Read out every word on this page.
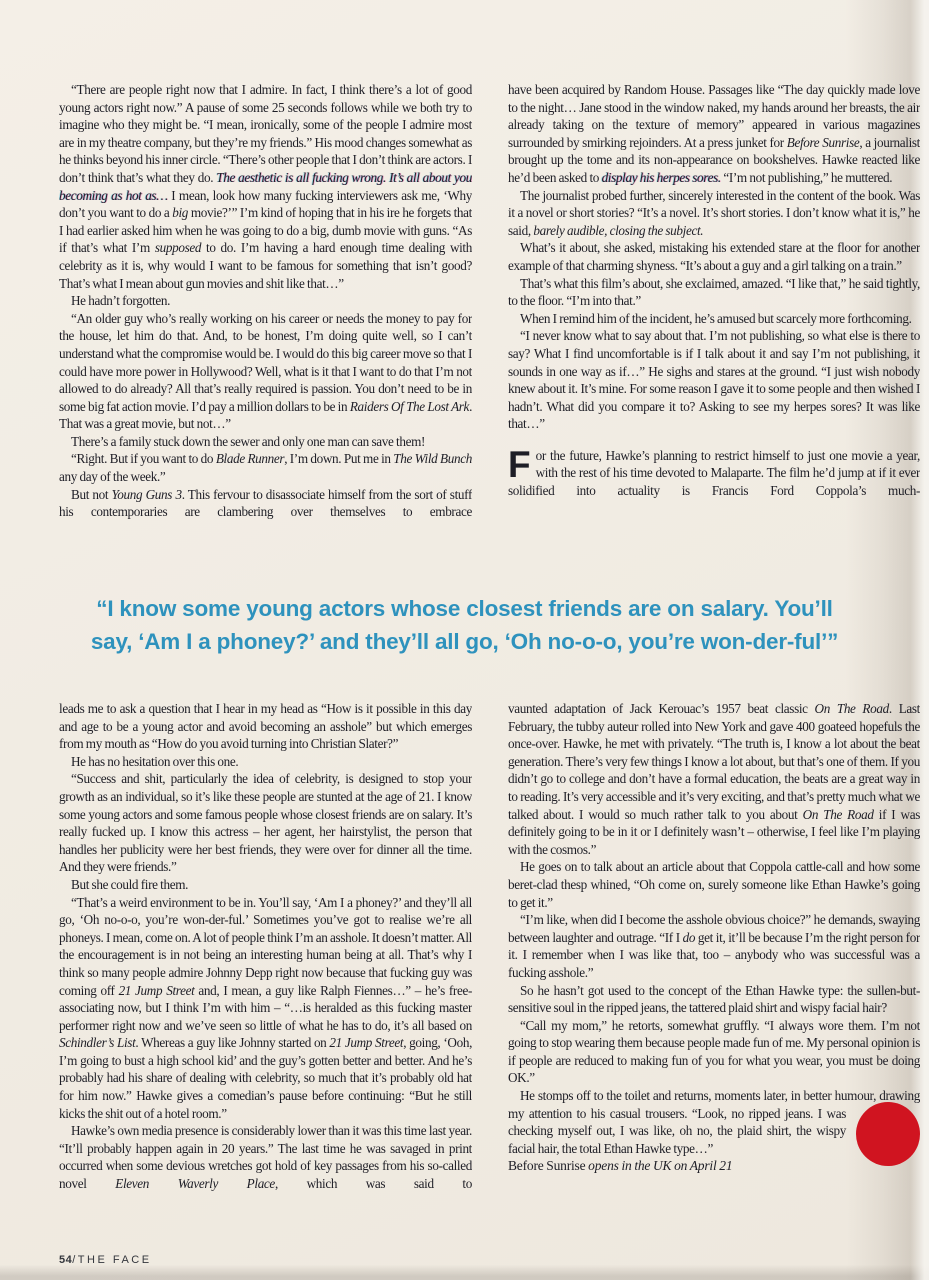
“There are people right now that I admire. In fact, I think there’s a lot of good young actors right now.” A pause of some 25 seconds follows while we both try to imagine who they might be. “I mean, ironically, some of the people I admire most are in my theatre company, but they’re my friends.” His mood changes somewhat as he thinks beyond his inner circle. “There’s other people that I don’t think are actors. I don’t think that’s what they do. The aesthetic is all fucking wrong. It’s all about you becoming as hot as… I mean, look how many fucking interviewers ask me, ‘Why don’t you want to do a big movie?’” I’m kind of hoping that in his ire he forgets that I had earlier asked him when he was going to do a big, dumb movie with guns. “As if that’s what I’m supposed to do. I’m having a hard enough time dealing with celebrity as it is, why would I want to be famous for something that isn’t good? That’s what I mean about gun movies and shit like that…”

He hadn’t forgotten.

“An older guy who’s really working on his career or needs the money to pay for the house, let him do that. And, to be honest, I’m doing quite well, so I can’t understand what the compromise would be. I would do this big career move so that I could have more power in Hollywood? Well, what is it that I want to do that I’m not allowed to do already? All that’s really required is passion. You don’t need to be in some big fat action movie. I’d pay a million dollars to be in Raiders Of The Lost Ark. That was a great movie, but not…”

There’s a family stuck down the sewer and only one man can save them!

“Right. But if you want to do Blade Runner, I’m down. Put me in The Wild Bunch any day of the week.”

But not Young Guns 3. This fervour to disassociate himself from the sort of stuff his contemporaries are clambering over themselves to embrace

have been acquired by Random House. Passages like “The day quickly made love to the night… Jane stood in the window naked, my hands around her breasts, the air already taking on the texture of memory” appeared in various magazines surrounded by smirking rejoinders. At a press junket for Before Sunrise, a journalist brought up the tome and its non-appearance on bookshelves. Hawke reacted like he’d been asked to display his herpes sores. “I’m not publishing,” he muttered.

The journalist probed further, sincerely interested in the content of the book. Was it a novel or short stories? “It’s a novel. It’s short stories. I don’t know what it is,” he said, barely audible, closing the subject.

What’s it about, she asked, mistaking his extended stare at the floor for another example of that charming shyness. “It’s about a guy and a girl talking on a train.”

That’s what this film’s about, she exclaimed, amazed. “I like that,” he said tightly, to the floor. “I’m into that.”

When I remind him of the incident, he’s amused but scarcely more forthcoming.

“I never know what to say about that. I’m not publishing, so what else is there to say? What I find uncomfortable is if I talk about it and say I’m not publishing, it sounds in one way as if…” He sighs and stares at the ground. “I just wish nobody knew about it. It’s mine. For some reason I gave it to some people and then wished I hadn’t. What did you compare it to? Asking to see my herpes sores? It was like that…”

For the future, Hawke’s planning to restrict himself to just one movie a year, with the rest of his time devoted to Malaparte. The film he’d jump at if it ever solidified into actuality is Francis Ford Coppola’s much-

“I know some young actors whose closest friends are on salary. You’ll
say, ‘Am I a phoney?’ and they’ll all go, ‘Oh no-o-o, you’re won-der-ful’”

leads me to ask a question that I hear in my head as “How is it possible in this day and age to be a young actor and avoid becoming an asshole” but which emerges from my mouth as “How do you avoid turning into Christian Slater?”

He has no hesitation over this one.

“Success and shit, particularly the idea of celebrity, is designed to stop your growth as an individual, so it’s like these people are stunted at the age of 21. I know some young actors and some famous people whose closest friends are on salary. It’s really fucked up. I know this actress – her agent, her hairstylist, the person that handles her publicity were her best friends, they were over for dinner all the time. And they were friends.”

But she could fire them.

“That’s a weird environment to be in. You’ll say, ‘Am I a phoney?’ and they’ll all go, ‘Oh no-o-o, you’re won-der-ful.’ Sometimes you’ve got to realise we’re all phoneys. I mean, come on. A lot of people think I’m an asshole. It doesn’t matter. All the encouragement is in not being an interesting human being at all. That’s why I think so many people admire Johnny Depp right now because that fucking guy was coming off 21 Jump Street and, I mean, a guy like Ralph Fiennes…” – he’s free-associating now, but I think I’m with him – “…is heralded as this fucking master performer right now and we’ve seen so little of what he has to do, it’s all based on Schindler’s List. Whereas a guy like Johnny started on 21 Jump Street, going, ‘Ooh, I’m going to bust a high school kid’ and the guy’s gotten better and better. And he’s probably had his share of dealing with celebrity, so much that it’s probably old hat for him now.” Hawke gives a comedian’s pause before continuing: “But he still kicks the shit out of a hotel room.”

Hawke’s own media presence is considerably lower than it was this time last year. “It’ll probably happen again in 20 years.” The last time he was savaged in print occurred when some devious wretches got hold of key passages from his so-called novel Eleven Waverly Place, which was said to

vaunted adaptation of Jack Kerouac’s 1957 beat classic On The Road. Last February, the tubby auteur rolled into New York and gave 400 goateed hopefuls the once-over. Hawke, he met with privately. “The truth is, I know a lot about the beat generation. There’s very few things I know a lot about, but that’s one of them. If you didn’t go to college and don’t have a formal education, the beats are a great way in to reading. It’s very accessible and it’s very exciting, and that’s pretty much what we talked about. I would so much rather talk to you about On The Road if I was definitely going to be in it or I definitely wasn’t – otherwise, I feel like I’m playing with the cosmos.”

He goes on to talk about an article about that Coppola cattle-call and how some beret-clad thesp whined, “Oh come on, surely someone like Ethan Hawke’s going to get it.”

“I’m like, when did I become the asshole obvious choice?” he demands, swaying between laughter and outrage. “If I do get it, it’ll be because I’m the right person for it. I remember when I was like that, too – anybody who was successful was a fucking asshole.”

So he hasn’t got used to the concept of the Ethan Hawke type: the sullen-but-sensitive soul in the ripped jeans, the tattered plaid shirt and wispy facial hair?

“Call my mom,” he retorts, somewhat gruffly. “I always wore them. I’m not going to stop wearing them because people made fun of me. My personal opinion is if people are reduced to making fun of you for what you wear, you must be doing OK.”

He stomps off to the toilet and returns, moments later, in better humour, drawing my
attention to his casual trousers. “Look, no ripped jeans. I was checking myself out, I was like, oh no, the plaid shirt, the wispy facial hair, the total Ethan Hawke type…”

Before Sunrise opens in the UK on April 21

54/THE FACE
